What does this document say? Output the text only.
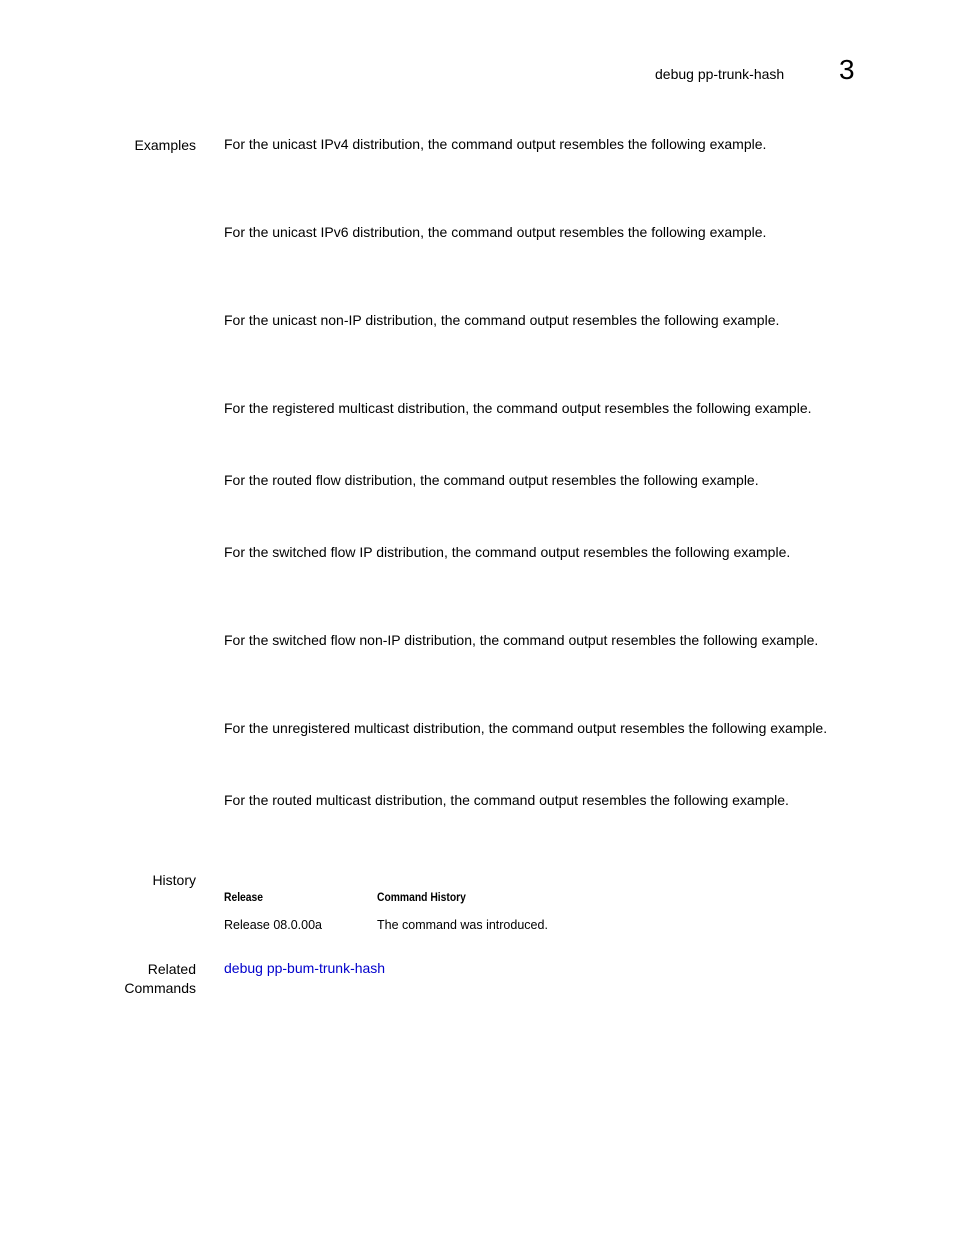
debug pp-trunk-hash 3
Examples For the unicast IPv4 distribution, the command output resembles the following example.
For the unicast IPv6 distribution, the command output resembles the following example.
For the unicast non-IP distribution, the command output resembles the following example.
For the registered multicast distribution, the command output resembles the following example.
For the routed flow distribution, the command output resembles the following example.
For the switched flow IP distribution, the command output resembles the following example.
For the switched flow non-IP distribution, the command output resembles the following example.
For the unregistered multicast distribution, the command output resembles the following example.
For the routed multicast distribution, the command output resembles the following example.
History
Release	Command History
Release 08.0.00a	The command was introduced.
Related
Commands
debug pp-bum-trunk-hash
